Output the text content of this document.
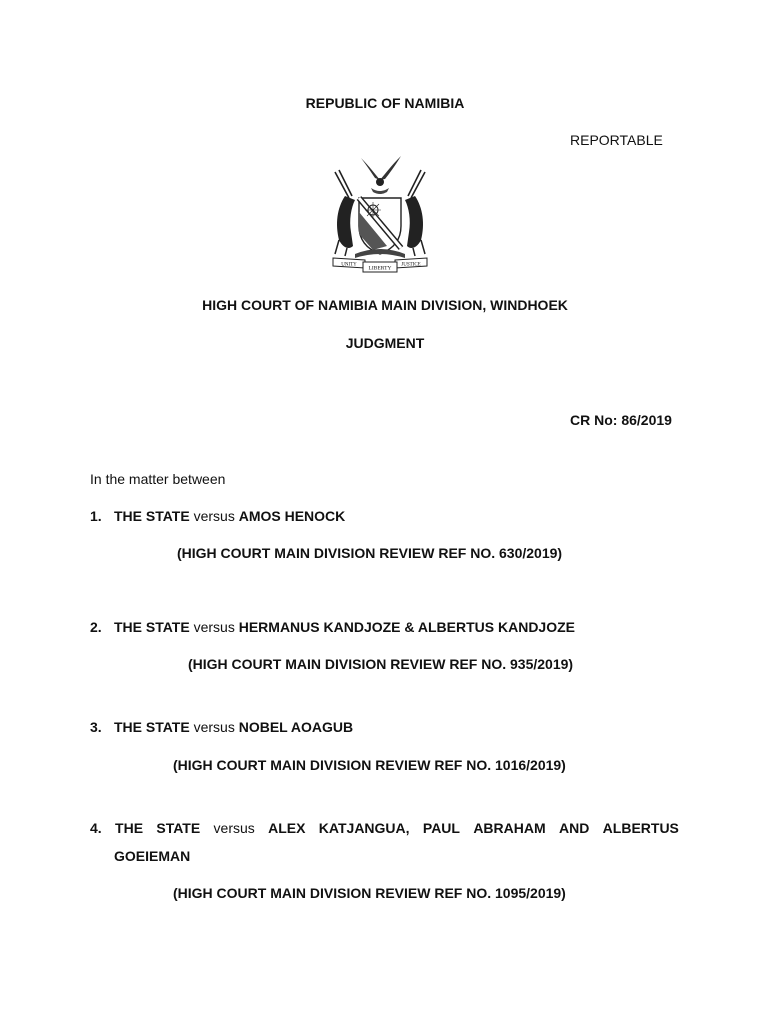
REPUBLIC OF NAMIBIA
REPORTABLE
UNITY	JUSTICE
LIBERTY
HIGH COURT OF NAMIBIA MAIN DIVISION, WINDHOEK
JUDGMENT
CR No: 86/2019
In the matter between
1. THE STATE versus AMOS HENOCK
(HIGH COURT MAIN DIVISION REVIEW REF NO. 630/2019)
2. THE STATE versus HERMANUS KANDJOZE & ALBERTUS KANDJOZE
(HIGH COURT MAIN DIVISION REVIEW REF NO. 935/2019)
3. THE STATE versus NOBEL AOAGUB
(HIGH COURT MAIN DIVISION REVIEW REF NO. 1016/2019)
4. THE STATE versus ALEX KATJANGUA, PAUL ABRAHAM AND ALBERTUS
GOEIEMAN
(HIGH COURT MAIN DIVISION REVIEW REF NO. 1095/2019)
